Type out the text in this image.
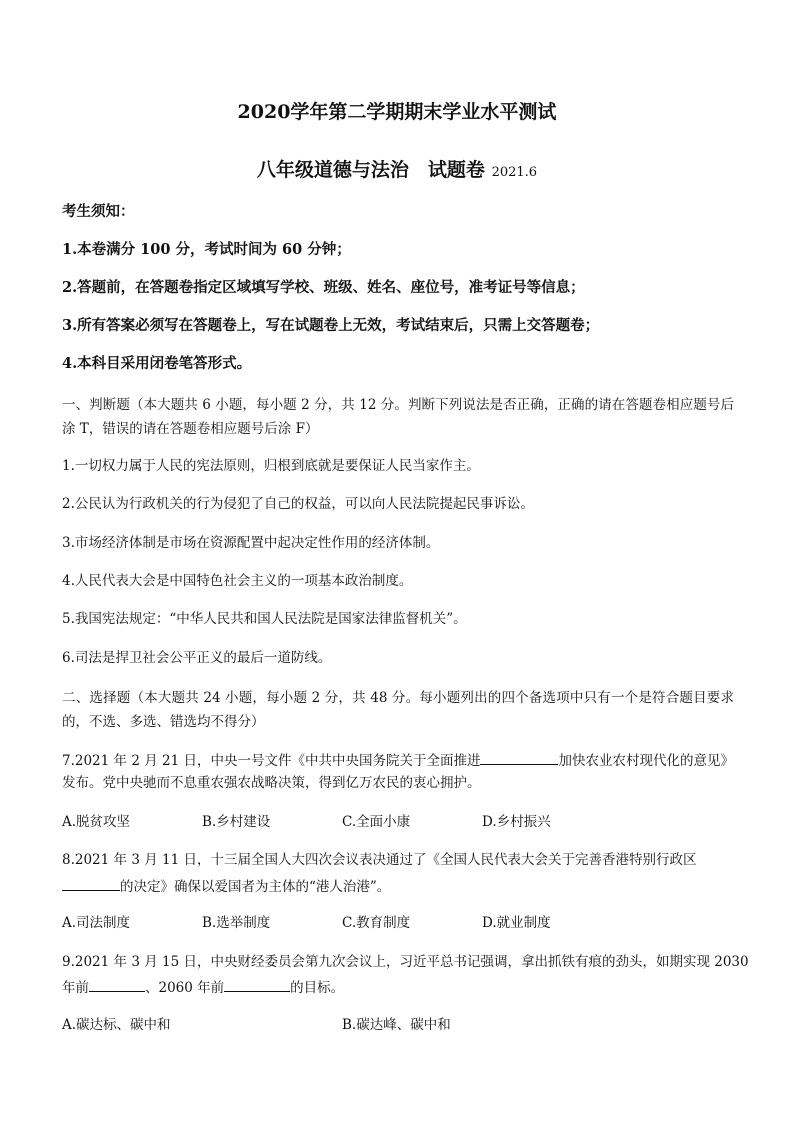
2020学年第二学期期末学业水平测试

八年级道德与法治　试题卷 2021.6

考生须知：

1.本卷满分 100 分，考试时间为 60 分钟；

2.答题前，在答题卷指定区域填写学校、班级、姓名、座位号，准考证号等信息；

3.所有答案必须写在答题卷上，写在试题卷上无效，考试结束后，只需上交答题卷；

4.本科目采用闭卷笔答形式。

一、判断题（本大题共 6 小题，每小题 2 分，共 12 分。判断下列说法是否正确，正确的请在答题卷相应题号后涂 T，错误的请在答题卷相应题号后涂 F）

1.一切权力属于人民的宪法原则，归根到底就是要保证人民当家作主。

2.公民认为行政机关的行为侵犯了自己的权益，可以向人民法院提起民事诉讼。

3.市场经济体制是市场在资源配置中起决定性作用的经济体制。

4.人民代表大会是中国特色社会主义的一项基本政治制度。

5.我国宪法规定：“中华人民共和国人民法院是国家法律监督机关”。

6.司法是捍卫社会公平正义的最后一道防线。

二、选择题（本大题共 24 小题，每小题 2 分，共 48 分。每小题列出的四个备选项中只有一个是符合题目要求的，不选、多选、错选均不得分）

7.2021 年 2 月 21 日，中央一号文件《中共中央国务院关于全面推进	加快农业农村现代化的意见》

发布。党中央驰而不息重农强农战略决策，得到亿万农民的衷心拥护。

A.脱贫攻坚	B.乡村建设	C.全面小康	D.乡村振兴

8.2021 年 3 月 11 日，十三届全国人大四次会议表决通过了《全国人民代表大会关于完善香港特别行政区

的决定》确保以爱国者为主体的“港人治港”。

A.司法制度	B.选举制度	C.教育制度	D.就业制度

9.2021 年 3 月 15 日，中央财经委员会第九次会议上，习近平总书记强调，拿出抓铁有痕的劲头，如期实现 2030

年前	、2060 年前	的目标。

A.碳达标、碳中和	B.碳达峰、碳中和
